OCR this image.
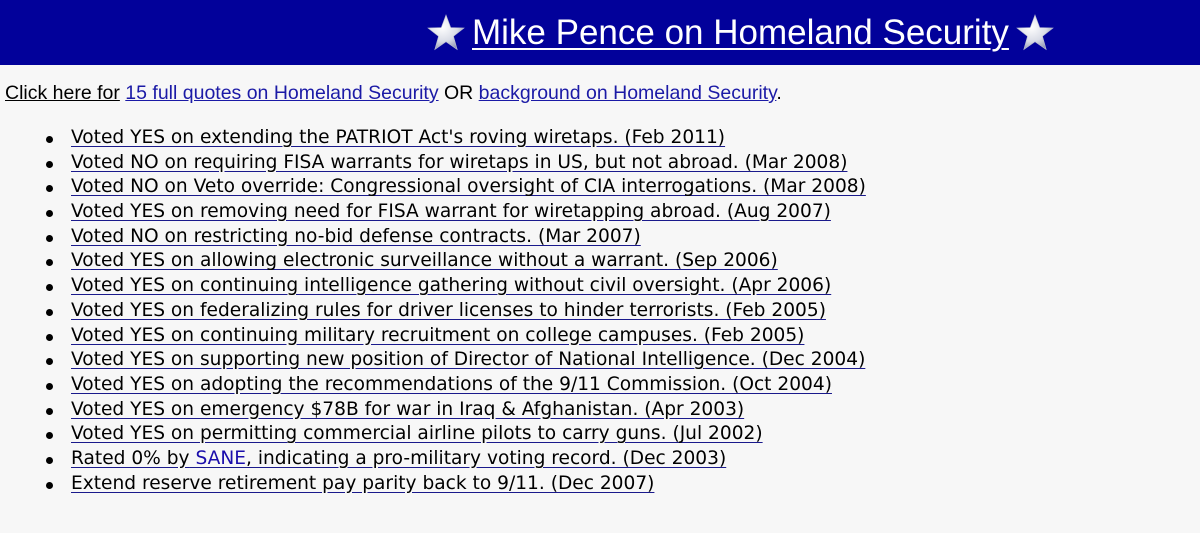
Mike Pence on Homeland Security
Click here for 15 full quotes on Homeland Security OR background on Homeland Security.
Voted YES on extending the PATRIOT Act's roving wiretaps. (Feb 2011)
Voted NO on requiring FISA warrants for wiretaps in US, but not abroad. (Mar 2008)
Voted NO on Veto override: Congressional oversight of CIA interrogations. (Mar 2008)
Voted YES on removing need for FISA warrant for wiretapping abroad. (Aug 2007)
Voted NO on restricting no-bid defense contracts. (Mar 2007)
Voted YES on allowing electronic surveillance without a warrant. (Sep 2006)
Voted YES on continuing intelligence gathering without civil oversight. (Apr 2006)
Voted YES on federalizing rules for driver licenses to hinder terrorists. (Feb 2005)
Voted YES on continuing military recruitment on college campuses. (Feb 2005)
Voted YES on supporting new position of Director of National Intelligence. (Dec 2004)
Voted YES on adopting the recommendations of the 9/11 Commission. (Oct 2004)
Voted YES on emergency $78B for war in Iraq & Afghanistan. (Apr 2003)
Voted YES on permitting commercial airline pilots to carry guns. (Jul 2002)
Rated 0% by SANE, indicating a pro-military voting record. (Dec 2003)
Extend reserve retirement pay parity back to 9/11. (Dec 2007)
